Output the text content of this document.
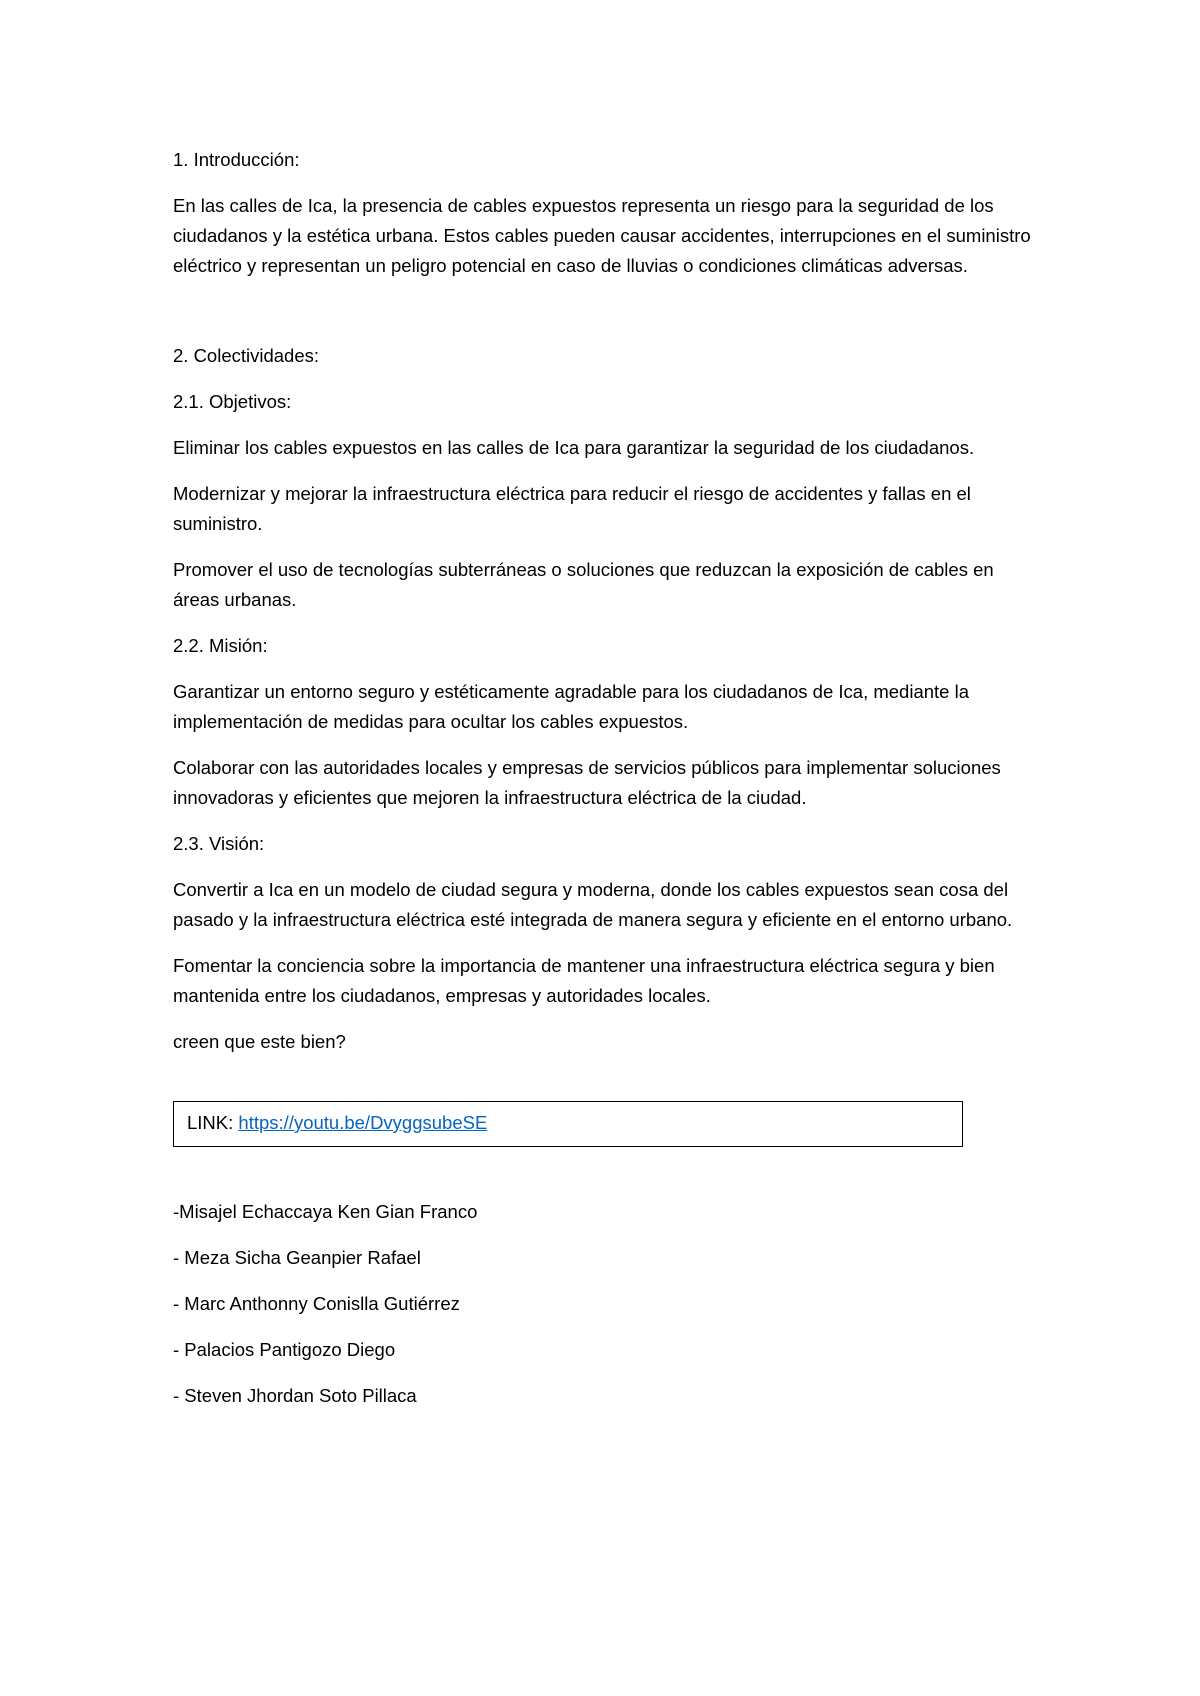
1. Introducción:

En las calles de Ica, la presencia de cables expuestos representa un riesgo para la seguridad de los ciudadanos y la estética urbana. Estos cables pueden causar accidentes, interrupciones en el suministro eléctrico y representan un peligro potencial en caso de lluvias o condiciones climáticas adversas.

2. Colectividades:

2.1. Objetivos:

Eliminar los cables expuestos en las calles de Ica para garantizar la seguridad de los ciudadanos.

Modernizar y mejorar la infraestructura eléctrica para reducir el riesgo de accidentes y fallas en el suministro.

Promover el uso de tecnologías subterráneas o soluciones que reduzcan la exposición de cables en áreas urbanas.

2.2. Misión:

Garantizar un entorno seguro y estéticamente agradable para los ciudadanos de Ica, mediante la implementación de medidas para ocultar los cables expuestos.

Colaborar con las autoridades locales y empresas de servicios públicos para implementar soluciones innovadoras y eficientes que mejoren la infraestructura eléctrica de la ciudad.

2.3. Visión:

Convertir a Ica en un modelo de ciudad segura y moderna, donde los cables expuestos sean cosa del pasado y la infraestructura eléctrica esté integrada de manera segura y eficiente en el entorno urbano.

Fomentar la conciencia sobre la importancia de mantener una infraestructura eléctrica segura y bien mantenida entre los ciudadanos, empresas y autoridades locales.

creen que este bien?

LINK: https://youtu.be/DvyggsubeSE

-Misajel Echaccaya Ken Gian Franco

- Meza Sicha Geanpier Rafael

- Marc Anthonny Conislla Gutiérrez

- Palacios Pantigozo Diego

- Steven Jhordan Soto Pillaca
